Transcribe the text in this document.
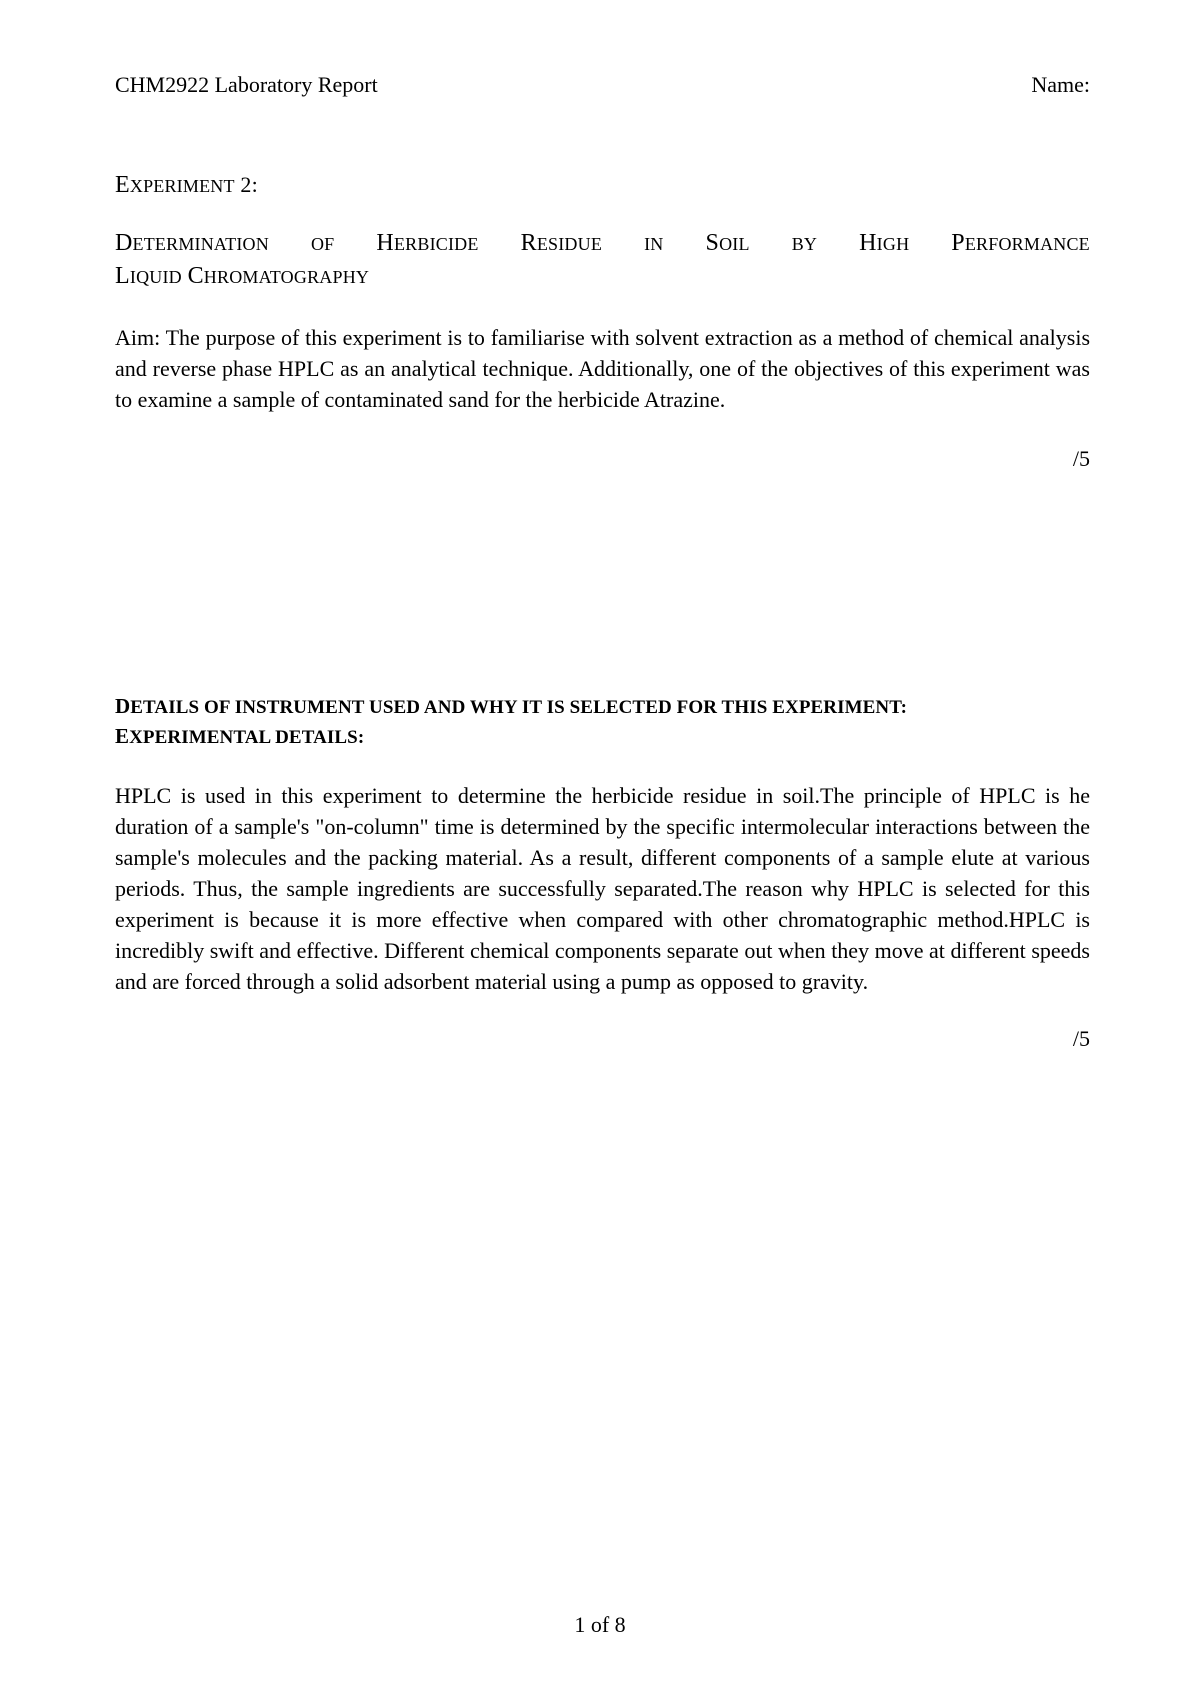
CHM2922 Laboratory Report	Name:
EXPERIMENT 2:
DETERMINATION OF HERBICIDE RESIDUE IN SOIL BY HIGH PERFORMANCE
LIQUID CHROMATOGRAPHY
Aim: The purpose of this experiment is to familiarise with solvent extraction as a method of chemical analysis and reverse phase HPLC as an analytical technique. Additionally, one of the objectives of this experiment was to examine a sample of contaminated sand for the herbicide Atrazine.
/5
DETAILS OF INSTRUMENT USED AND WHY IT IS SELECTED FOR THIS EXPERIMENT:
EXPERIMENTAL DETAILS:
HPLC is used in this experiment to determine the herbicide residue in soil.The principle of HPLC is he duration of a sample's "on-column" time is determined by the specific intermolecular interactions between the sample's molecules and the packing material. As a result, different components of a sample elute at various periods. Thus, the sample ingredients are successfully separated.The reason why HPLC is selected for this experiment is because it is more effective when compared with other chromatographic method.HPLC is incredibly swift and effective. Different chemical components separate out when they move at different speeds and are forced through a solid adsorbent material using a pump as opposed to gravity.
/5
1 of 8
